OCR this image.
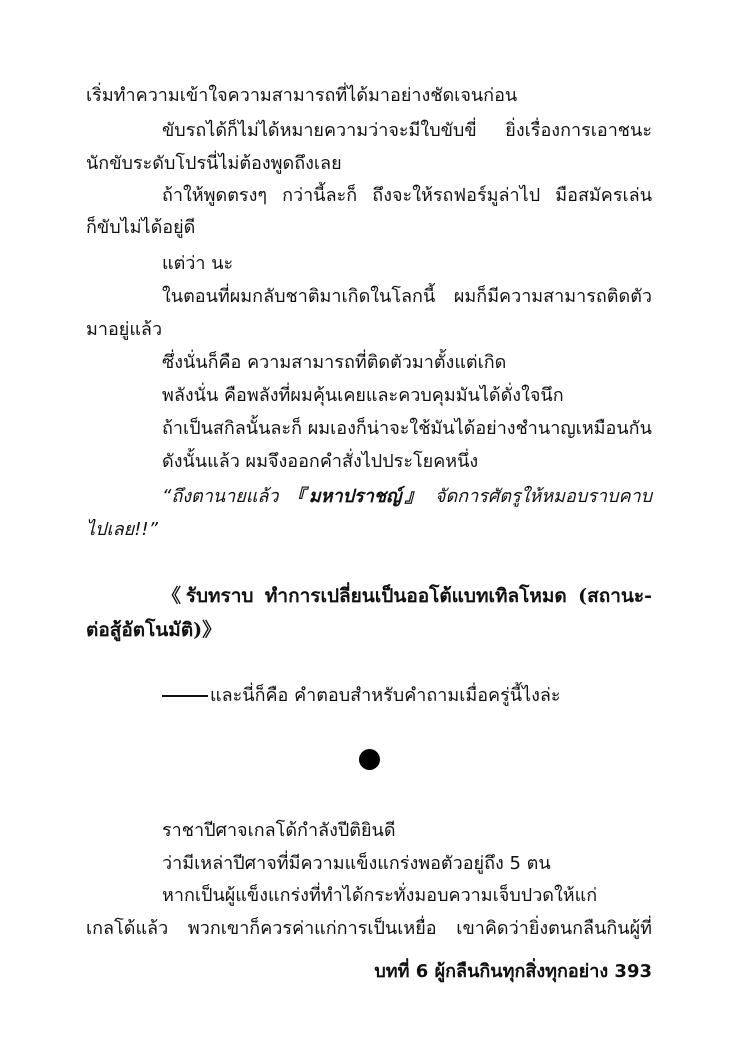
เริ่มทำความเข้าใจความสามารถที่ได้มาอย่างชัดเจนก่อน
ขับรถได้ก็ไม่ได้หมายความว่าจะมีใบขับขี่ ยิ่งเรื่องการเอาชนะ
นักขับระดับโปรนี่ไม่ต้องพูดถึงเลย
ถ้าให้พูดตรงๆ กว่านี้ละก็ ถึงจะให้รถฟอร์มูล่าไป มือสมัครเล่น
ก็ขับไม่ได้อยู่ดี
แต่ว่า นะ
ในตอนที่ผมกลับชาติมาเกิดในโลกนี้ ผมก็มีความสามารถติดตัว
มาอยู่แล้ว
ซึ่งนั่นก็คือ ความสามารถที่ติดตัวมาตั้งแต่เกิด
พลังนั่น คือพลังที่ผมคุ้นเคยและควบคุมมันได้ดั่งใจนึก
ถ้าเป็นสกิลนั้นละก็ ผมเองก็น่าจะใช้มันได้อย่างชำนาญเหมือนกัน
ดังนั้นแล้ว ผมจึงออกคำสั่งไปประโยคหนึ่ง
“ถึงตานายแล้ว 『มหาปราชญ์』 จัดการศัตรูให้หมอบราบคาบ
ไปเลย!!”
《รับทราบ ทำการเปลี่ยนเป็นออโต้แบทเทิลโหมด (สถานะ-
ต่อสู้อัตโนมัติ)》
และนี่ก็คือ คำตอบสำหรับคำถามเมื่อครู่นี้ไงล่ะ
ราชาปีศาจเกลโด้กำลังปีติยินดี
ว่ามีเหล่าปีศาจที่มีความแข็งแกร่งพอตัวอยู่ถึง 5 ตน
หากเป็นผู้แข็งแกร่งที่ทำได้กระทั่งมอบความเจ็บปวดให้แก่
เกลโด้แล้ว พวกเขาก็ควรค่าแก่การเป็นเหยื่อ เขาคิดว่ายิ่งตนกลืนกินผู้ที่
บทที่ 6 ผู้กลืนกินทุกสิ่งทุกอย่าง 393
